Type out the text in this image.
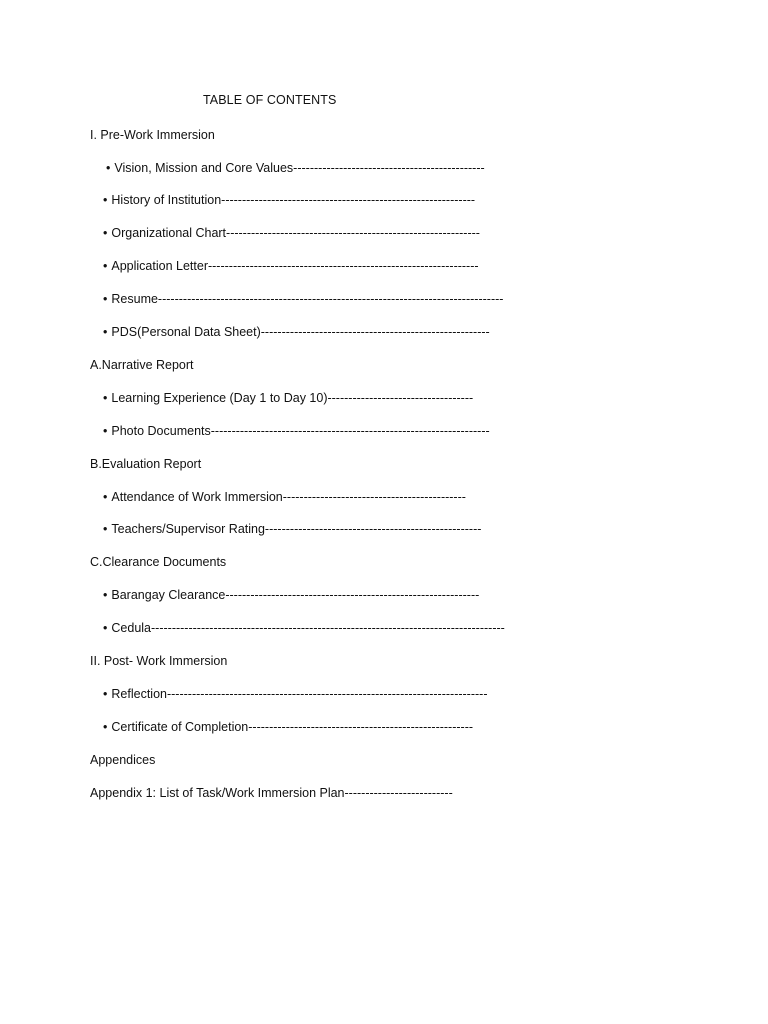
TABLE OF CONTENTS
I. Pre-Work Immersion
• Vision, Mission and Core Values----------------------------------------------
• History of Institution-------------------------------------------------------------
• Organizational Chart-------------------------------------------------------------
• Application Letter-----------------------------------------------------------------
• Resume-----------------------------------------------------------------------------------
• PDS(Personal Data Sheet)-------------------------------------------------------
A.Narrative Report
• Learning Experience (Day 1 to Day 10)-----------------------------------
• Photo Documents-------------------------------------------------------------------
B.Evaluation Report
• Attendance of Work Immersion--------------------------------------------
• Teachers/Supervisor Rating----------------------------------------------------
C.Clearance Documents
• Barangay Clearance-------------------------------------------------------------
• Cedula-------------------------------------------------------------------------------------
II. Post- Work Immersion
• Reflection-----------------------------------------------------------------------------
• Certificate of Completion------------------------------------------------------
Appendices
Appendix 1: List of Task/Work Immersion Plan--------------------------
